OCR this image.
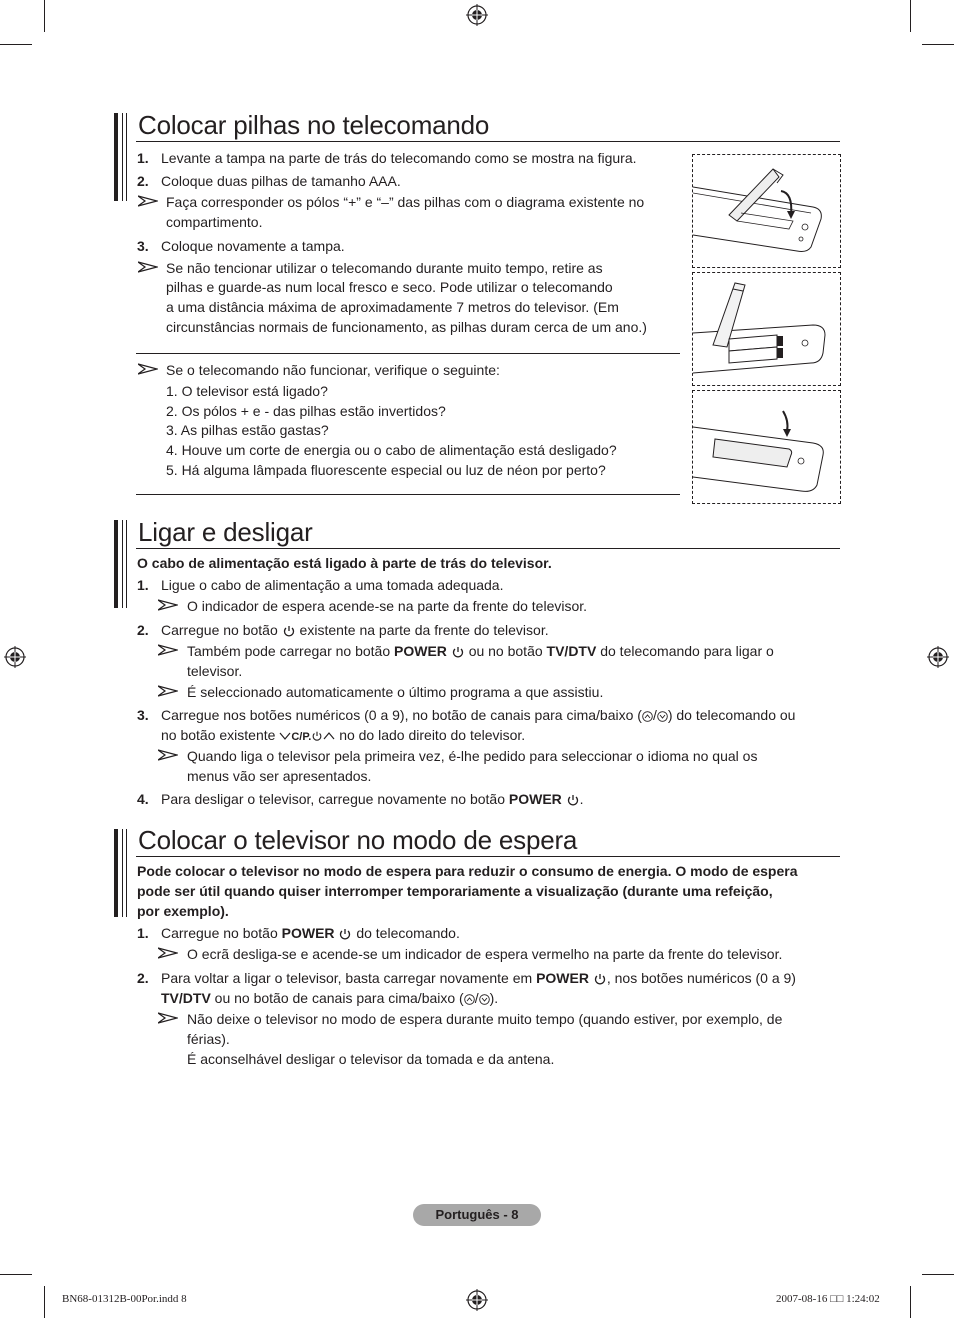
Colocar pilhas no telecomando
1. Levante a tampa na parte de trás do telecomando como se mostra na figura.
2. Coloque duas pilhas de tamanho AAA.
Faça corresponder os pólos “+” e “–” das pilhas com o diagrama existente no
compartimento.
3. Coloque novamente a tampa.
Se não tencionar utilizar o telecomando durante muito tempo, retire as
pilhas e guarde-as num local fresco e seco. Pode utilizar o telecomando
a uma distância máxima de aproximadamente 7 metros do televisor. (Em
circunstâncias normais de funcionamento, as pilhas duram cerca de um ano.)
Se o telecomando não funcionar, verifique o seguinte:
1. O televisor está ligado?
2. Os pólos + e - das pilhas estão invertidos?
3. As pilhas estão gastas?
4. Houve um corte de energia ou o cabo de alimentação está desligado?
5. Há alguma lâmpada fluorescente especial ou luz de néon por perto?
Ligar e desligar
O cabo de alimentação está ligado à parte de trás do televisor.
1. Ligue o cabo de alimentação a uma tomada adequada.
O indicador de espera acende-se na parte da frente do televisor.
2. Carregue no botão existente na parte da frente do televisor.
Também pode carregar no botão POWER ou no botão TV/DTV do telecomando para ligar o
televisor.
É seleccionado automaticamente o último programa a que assistiu.
3. Carregue nos botões numéricos (0 a 9), no botão de canais para cima/baixo ( / ) do telecomando ou
no botão existente C/P. no do lado direito do televisor.
Quando liga o televisor pela primeira vez, é-lhe pedido para seleccionar o idioma no qual os
menus vão ser apresentados.
4. Para desligar o televisor, carregue novamente no botão POWER .
Colocar o televisor no modo de espera
Pode colocar o televisor no modo de espera para reduzir o consumo de energia. O modo de espera
pode ser útil quando quiser interromper temporariamente a visualização (durante uma refeição,
por exemplo).
1. Carregue no botão POWER do telecomando.
O ecrã desliga-se e acende-se um indicador de espera vermelho na parte da frente do televisor.
2. Para voltar a ligar o televisor, basta carregar novamente em POWER , nos botões numéricos (0 a 9)
TV/DTV ou no botão de canais para cima/baixo ( / ).
Não deixe o televisor no modo de espera durante muito tempo (quando estiver, por exemplo, de
férias).
É aconselhável desligar o televisor da tomada e da antena.
Português - 8
BN68-01312B-00Por.indd 8	2007-08-16 □□ 1:24:02
